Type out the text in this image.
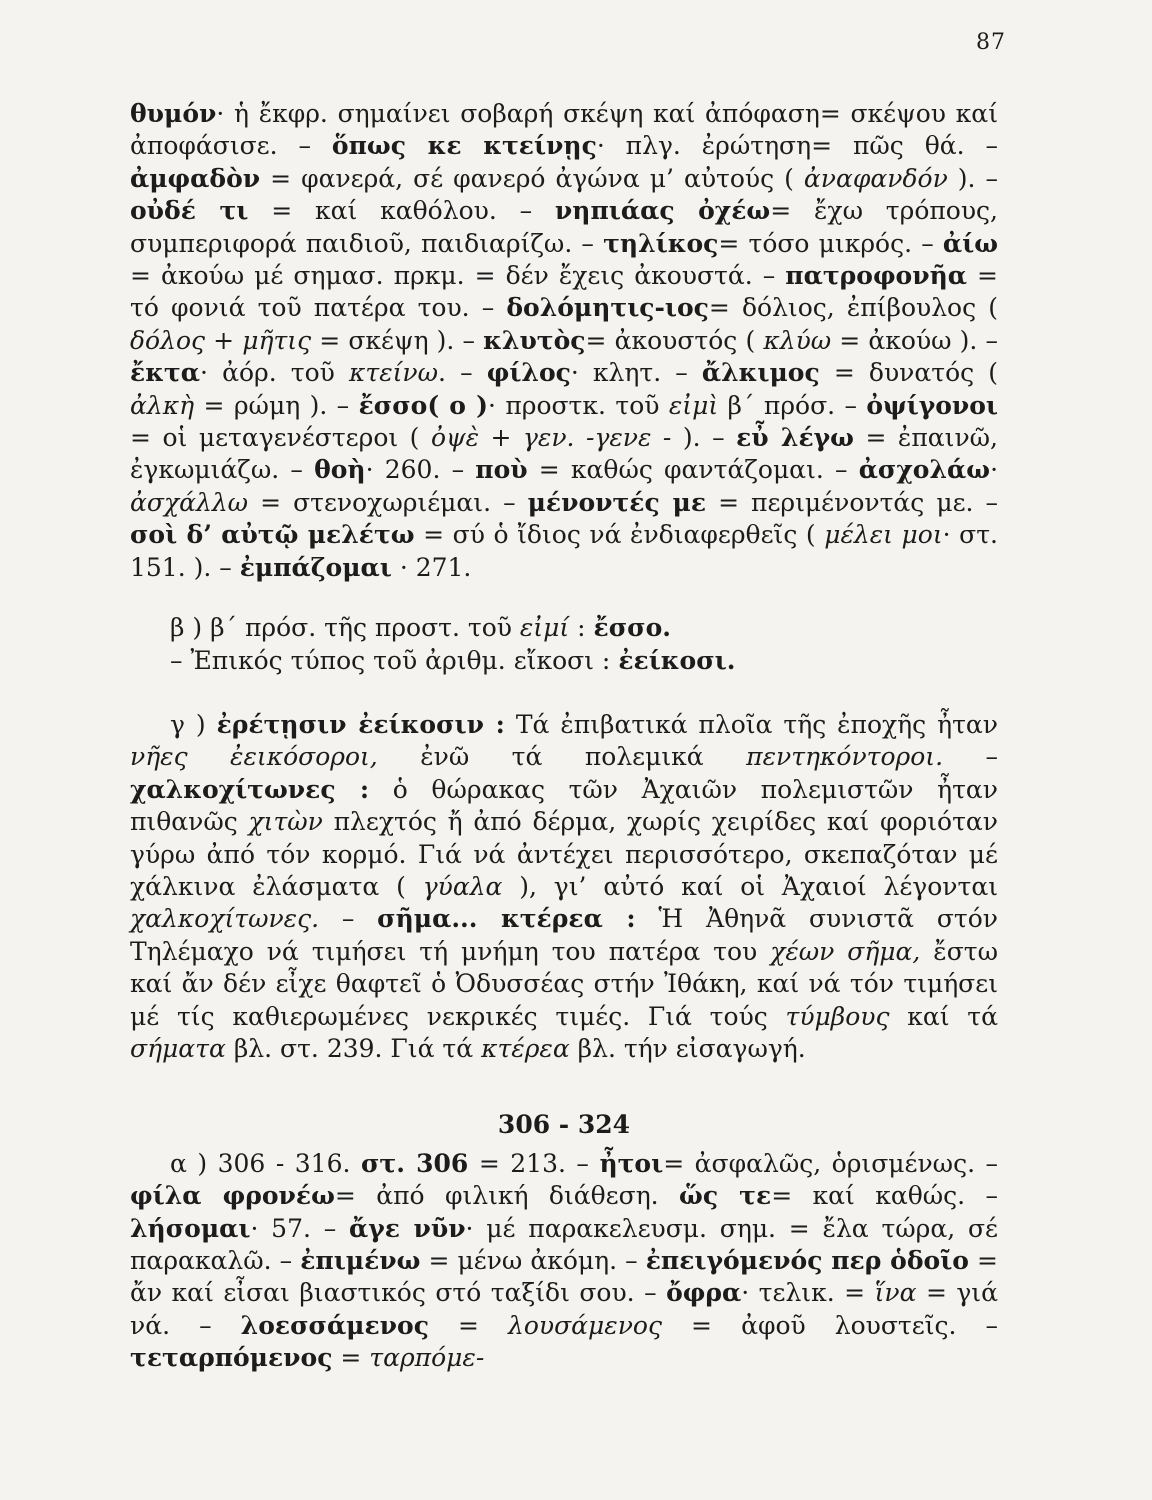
87

θυμόν· ἡ ἔκφρ. σημαίνει σοβαρή σκέψη καί ἀπόφαση= σκέψου καί ἀποφάσισε. – ὅπως κε κτείνῃς· πλγ. ἐρώτηση= πῶς θά. – ἀμφαδὸν = φανερά, σέ φανερό ἀγώνα μ’ αὐτούς ( ἀναφανδόν ). – οὐδέ τι = καί καθόλου. – νηπιάας ὀχέω= ἔχω τρόπους, συμπεριφορά παιδιοῦ, παιδιαρίζω. – τηλίκος= τόσο μικρός. – ἀίω = ἀκούω μέ σημασ. πρκμ. = δέν ἔχεις ἀκουστά. – πατροφονῆα = τό φονιά τοῦ πατέρα του. – δολόμητις-ιος= δόλιος, ἐπίβουλος ( δόλος + μῆτις = σκέψη ). – κλυτὸς= ἀκουστός ( κλύω = ἀκούω ). – ἔκτα· ἀόρ. τοῦ κτείνω. – φίλος· κλητ. – ἄλκιμος = δυνατός ( ἀλκὴ = ρώμη ). – ἔσσο( ο )· προστκ. τοῦ εἰμὶ β΄ πρόσ. – ὀψίγονοι = οἱ μεταγενέστεροι ( ὀψὲ + γεν. -γενε - ). – εὖ λέγω = ἐπαινῶ, ἐγκωμιάζω. – θοὴ· 260. – ποὺ = καθώς φαντάζομαι. – ἀσχολάω· ἀσχάλλω = στενοχωριέμαι. – μένοντές με = περιμένοντάς με. – σοὶ δ’ αὐτῷ μελέτω = σύ ὁ ἴδιος νά ἐνδιαφερθεῖς ( μέλει μοι· στ. 151. ). – ἐμπάζομαι · 271.

β ) β΄ πρόσ. τῆς προστ. τοῦ εἰμί : ἔσσο.

– Ἐπικός τύπος τοῦ ἀριθμ. εἴκοσι : ἐείκοσι.

γ ) ἐρέτῃσιν ἐείκοσιν : Τά ἐπιβατικά πλοῖα τῆς ἐποχῆς ἦταν νῆες ἐεικόσοροι, ἐνῶ τά πολεμικά πεντηκόντοροι. – χαλκοχίτωνες : ὁ θώρακας τῶν Ἀχαιῶν πολεμιστῶν ἦταν πιθανῶς χιτὼν πλεχτός ἤ ἀπό δέρμα, χωρίς χειρίδες καί φοριόταν γύρω ἀπό τόν κορμό. Γιά νά ἀντέχει περισσότερο, σκεπαζόταν μέ χάλκινα ἐλάσματα ( γύαλα ), γι’ αὐτό καί οἱ Ἀχαιοί λέγονται χαλκοχίτωνες. – σῆμα... κτέρεα : Ἡ Ἀθηνᾶ συνιστᾶ στόν Τηλέμαχο νά τιμήσει τή μνήμη του πατέρα του χέων σῆμα, ἔστω καί ἄν δέν εἶχε θαφτεῖ ὁ Ὀδυσσέας στήν Ἰθάκη, καί νά τόν τιμήσει μέ τίς καθιερωμένες νεκρικές τιμές. Γιά τούς τύμβους καί τά σήματα βλ. στ. 239. Γιά τά κτέρεα βλ. τήν εἰσαγωγή.

306 - 324

α ) 306 - 316. στ. 306 = 213. – ἦτοι= ἀσφαλῶς, ὁρισμένως. – φίλα φρονέω= ἀπό φιλική διάθεση. ὥς τε= καί καθώς. – λήσομαι· 57. – ἄγε νῦν· μέ παρακελευσμ. σημ. = ἔλα τώρα, σέ παρακαλῶ. – ἐπιμένω = μένω ἀκόμη. – ἐπειγόμενός περ ὁδοῖο = ἄν καί εἶσαι βιαστικός στό ταξίδι σου. – ὄφρα· τελικ. = ἵνα = γιά νά. – λοεσσάμενος = λουσάμενος = ἀφοῦ λουστεῖς. – τεταρπόμενος = ταρπόμε-
